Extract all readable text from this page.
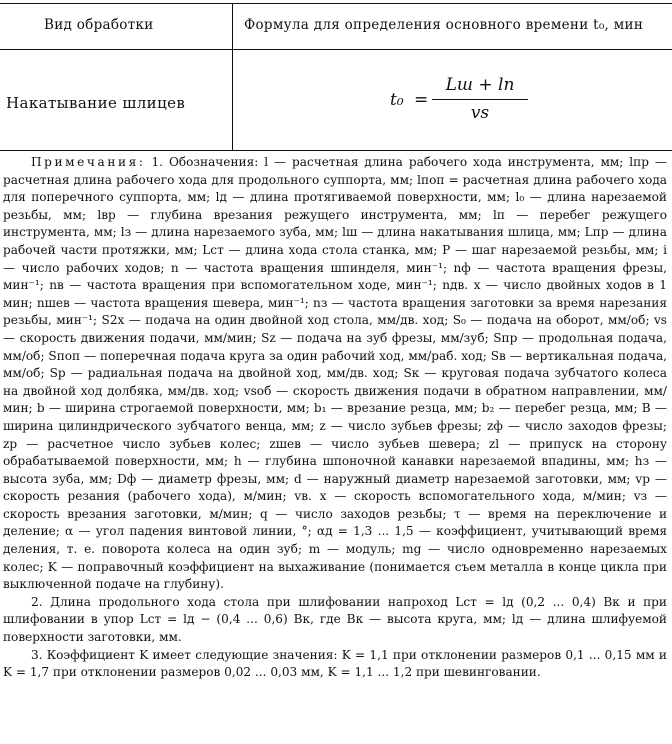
Вид обработки	Формула для определения основного времени t₀, мин
Накатывание шлицев	t₀ =
Lш + lп
vs

Примечания: 1. Обозначения: l — расчетная длина рабочего хода инструмента, мм; lпр — расчетная длина рабочего хода для продольного суппорта, мм; lпоп = расчетная длина рабочего хода для поперечного суппорта, мм; lд — длина протягиваемой поверхности, мм; l₀ — длина нарезаемой резьбы, мм; lвр — глубина врезания режущего инструмента, мм; lп — перебег режущего инструмента, мм; lз — длина нарезаемого зуба, мм; lш — длина накатывания шлица, мм; Lпр — длина рабочей части протяжки, мм; Lст — длина хода стола станка, мм; P — шаг нарезаемой резьбы, мм; i — число рабочих ходов; n — частота вращения шпинделя, мин⁻¹; nф — частота вращения фрезы, мин⁻¹; nв — частота вращения при вспомогательном ходе, мин⁻¹; nдв. х — число двойных ходов в 1 мин; nшев — частота вращения шевера, мин⁻¹; nз — частота вращения заготовки за время нарезания резьбы, мин⁻¹; S2х — подача на один двойной ход стола, мм/дв. ход; S₀ — подача на оборот, мм/об; vs — скорость движения подачи, мм/мин; Sz — подача на зуб фрезы, мм/зуб; Sпр — продольная подача, мм/об; Sпоп — поперечная подача круга за один рабочий ход, мм/раб. ход; Sв — вертикальная подача, мм/об; Sр — радиальная подача на двойной ход, мм/дв. ход; Sк — круговая подача зубчатого колеса на двойной ход долбяка, мм/дв. ход; vsоб — скорость движения подачи в обратном направлении, мм/мин; b — ширина строгаемой поверхности, мм; b₁ — врезание резца, мм; b₂ — перебег резца, мм; B — ширина цилиндрического зубчатого венца, мм; z — число зубьев фрезы; zф — число заходов фрезы; zр — расчетное число зубьев колес; zшев — число зубьев шевера; zl — припуск на сторону обрабатываемой поверхности, мм; h — глубина шпоночной канавки нарезаемой впадины, мм; hз — высота зуба, мм; Dф — диаметр фрезы, мм; d — наружный диаметр нарезаемой заготовки, мм; vр — скорость резания (рабочего хода), м/мин; vв. х — скорость вспомогательного хода, м/мин; vз — скорость врезания заготовки, м/мин; q — число заходов резьбы; τ — время на переключение и деление; α — угол падения винтовой линии, °; αд = 1,3 ... 1,5 — коэффициент, учитывающий время деления, т. е. поворота колеса на один зуб; m — модуль; mg — число одновременно нарезаемых колес; K — поправочный коэффициент на выхаживание (понимается съем металла в конце цикла при выключенной подаче на глубину).

2. Длина продольного хода стола при шлифовании напроход Lст = lд (0,2 ... 0,4) Bк и при шлифовании в упор Lст = lд − (0,4 ... 0,6) Bк, где Bк — высота круга, мм; lд — длина шлифуемой поверхности заготовки, мм.

3. Коэффициент K имеет следующие значения: K = 1,1 при отклонении размеров 0,1 ... 0,15 мм и K = 1,7 при отклонении размеров 0,02 ... 0,03 мм, K = 1,1 ... 1,2 при шевинговании.
